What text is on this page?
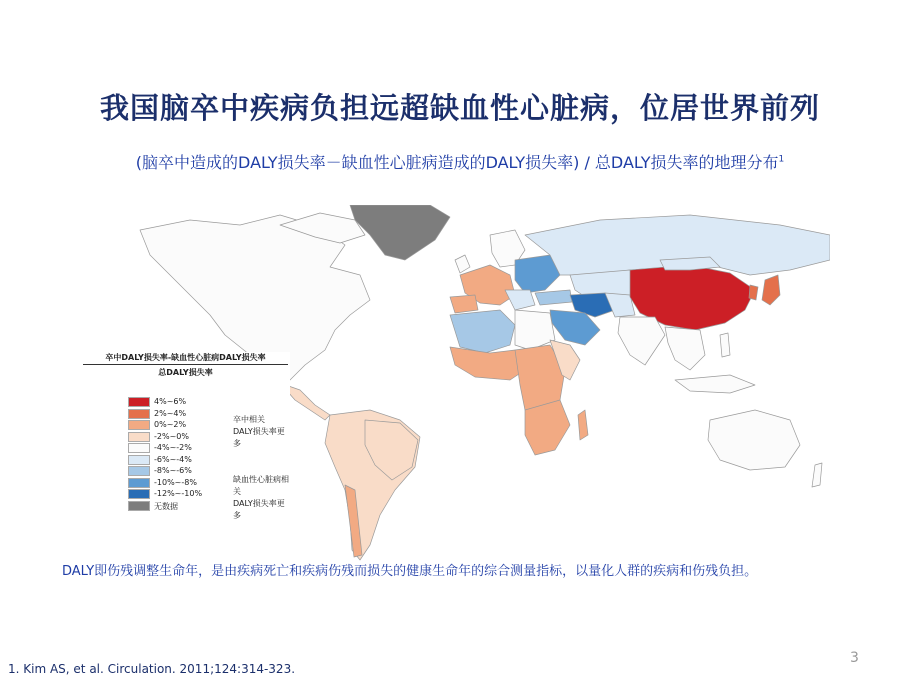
我国脑卒中疾病负担远超缺血性心脏病，位居世界前列
(脑卒中造成的DALY损失率－缺血性心脏病造成的DALY损失率) / 总DALY损失率的地理分布$^1$
卒中DALY损失率-缺血性心脏病DALY损失率
总DALY损失率
4%~6%
2%~4%
0%~2%
-2%~0%
-4%~-2%
-6%~-4%
-8%~-6%
-10%~-8%
-12%~-10%
无数据
卒中相关
DALY损失率更多
缺血性心脏病相关
DALY损失率更多
DALY即伤残调整生命年，是由疾病死亡和疾病伤残而损失的健康生命年的综合测量指标，以量化人群的疾病和伤残负担。
1. Kim AS, et al. Circulation. 2011;124:314-323.
3
